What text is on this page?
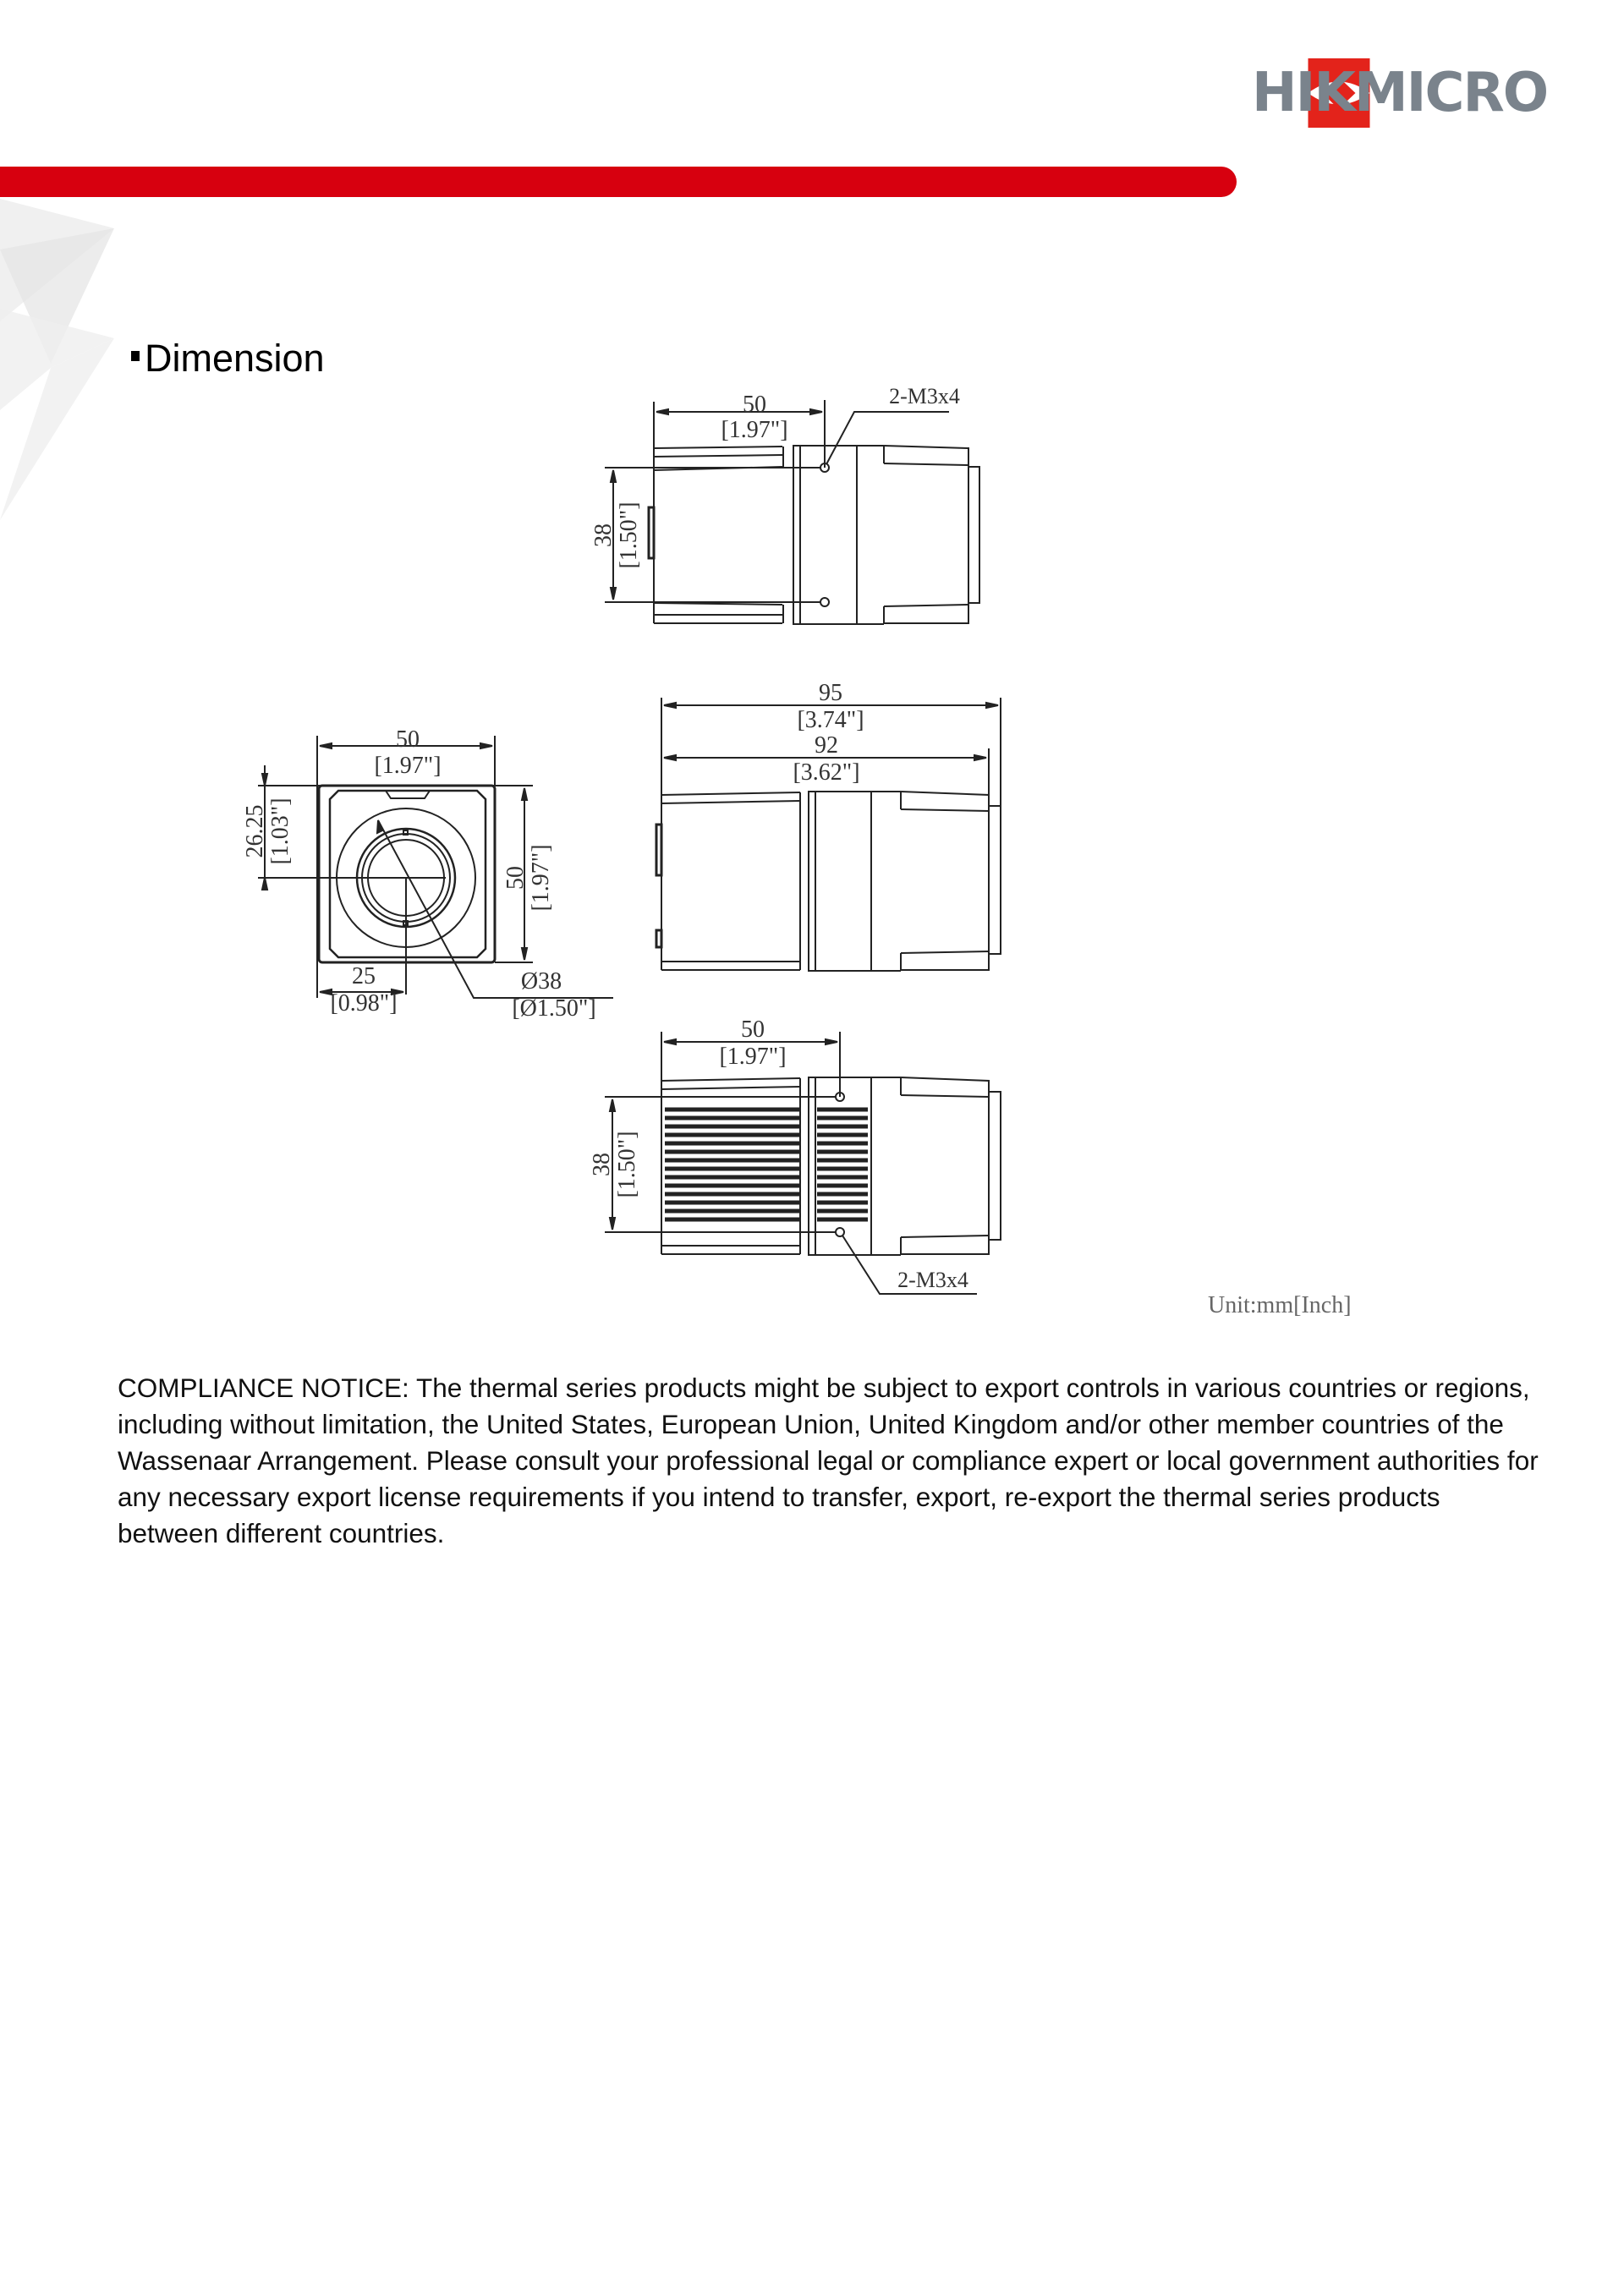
HIKMICRO
Dimension
50
[1.97"]
2-M3x4
38 [1.50"]
95
[3.74"]
92
[3.62"]
50
[1.97"]
26.25 [1.03"]
50 [1.97"]
25
[0.98"]
Ø38
[Ø1.50"]
50
[1.97"]
38 [1.50"]
2-M3x4
Unit:mm[Inch]
COMPLIANCE NOTICE: The thermal series products might be subject to export controls in various countries or regions, including without limitation, the United States, European Union, United Kingdom and/or other member countries of the Wassenaar Arrangement. Please consult your professional legal or compliance expert or local government authorities for any necessary export license requirements if you intend to transfer, export, re-export the thermal series products between different countries.
